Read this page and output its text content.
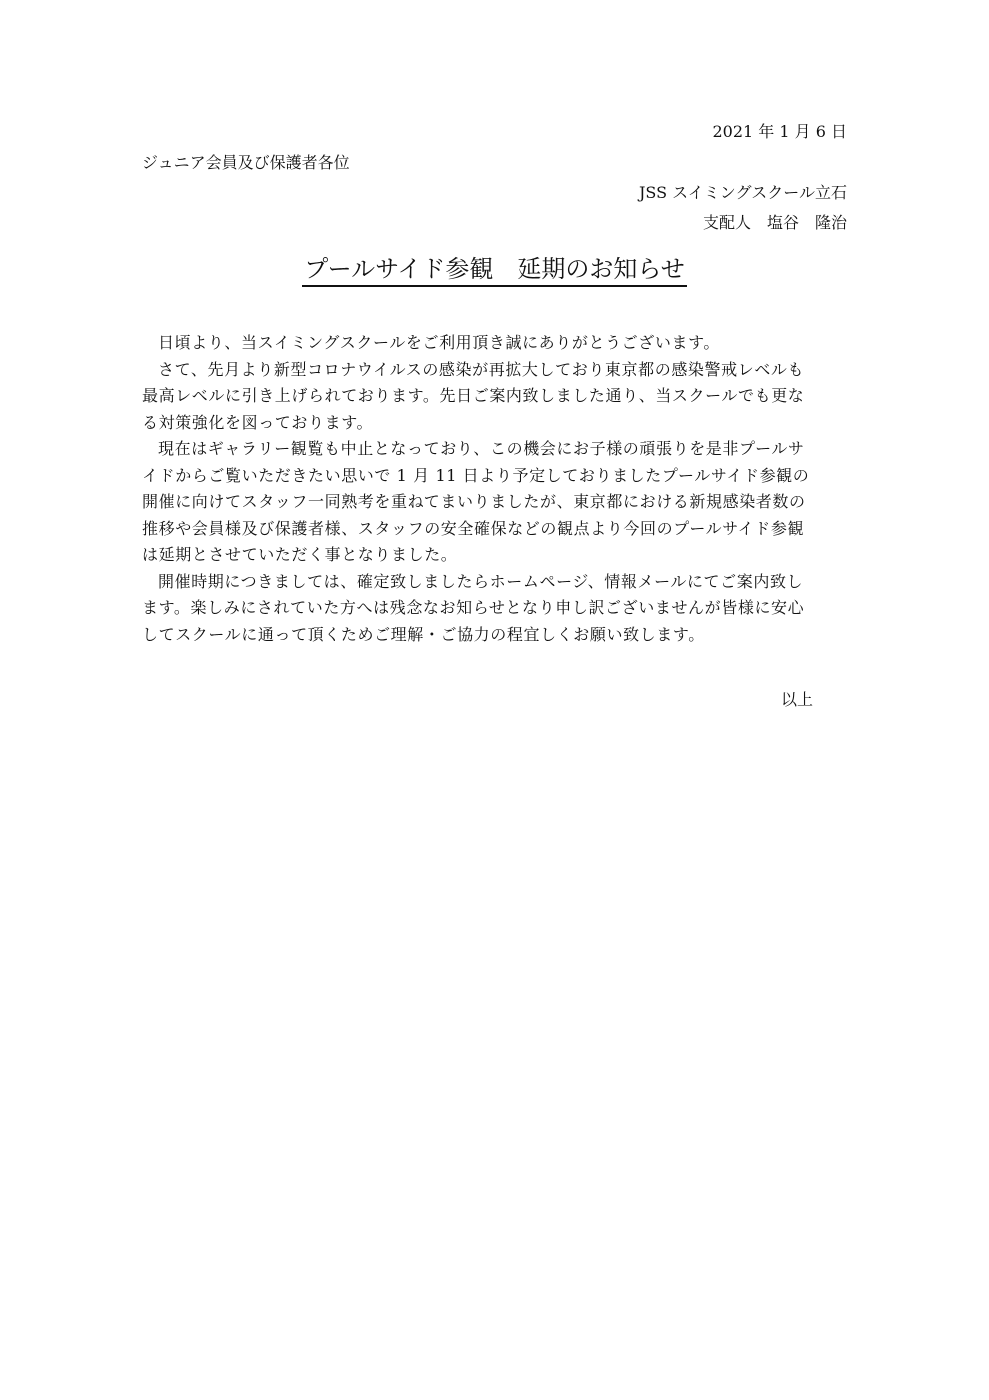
2021 年 1 月 6 日
ジュニア会員及び保護者各位
JSS スイミングスクール立石
支配人　塩谷　隆治
プールサイド参観　延期のお知らせ

日頃より、当スイミングスクールをご利用頂き誠にありがとうございます。

さて、先月より新型コロナウイルスの感染が再拡大しており東京都の感染警戒レベルも最高レベルに引き上げられております。先日ご案内致しました通り、当スクールでも更なる対策強化を図っております。

現在はギャラリー観覧も中止となっており、この機会にお子様の頑張りを是非プールサイドからご覧いただきたい思いで 1 月 11 日より予定しておりましたプールサイド参観の開催に向けてスタッフ一同熟考を重ねてまいりましたが、東京都における新規感染者数の推移や会員様及び保護者様、スタッフの安全確保などの観点より今回のプールサイド参観は延期とさせていただく事となりました。

開催時期につきましては、確定致しましたらホームページ、情報メールにてご案内致します。楽しみにされていた方へは残念なお知らせとなり申し訳ございませんが皆様に安心してスクールに通って頂くためご理解・ご協力の程宜しくお願い致します。

以上
